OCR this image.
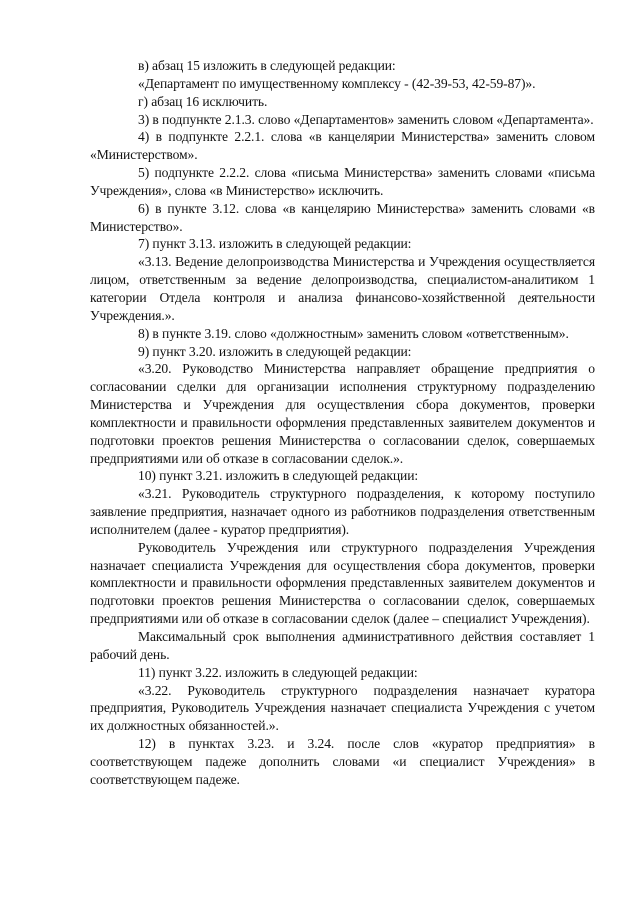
в) абзац 15 изложить в следующей редакции:

«Департамент по имущественному комплексу - (42-39-53, 42-59-87)».

г) абзац 16 исключить.

3) в подпункте 2.1.3. слово «Департаментов» заменить словом «Департамента».

4) в подпункте 2.2.1. слова «в канцелярии Министерства» заменить словом «Министерством».

5) подпункте 2.2.2. слова «письма Министерства» заменить словами «письма Учреждения», слова «в Министерство» исключить.

6) в пункте 3.12. слова «в канцелярию Министерства» заменить словами «в Министерство».

7) пункт 3.13. изложить в следующей редакции:

«3.13. Ведение делопроизводства Министерства и Учреждения осуществляется лицом, ответственным за ведение делопроизводства, специалистом-аналитиком 1 категории Отдела контроля и анализа финансово-хозяйственной деятельности Учреждения.».

8) в пункте 3.19. слово «должностным» заменить словом «ответственным».

9) пункт 3.20. изложить в следующей редакции:

«3.20. Руководство Министерства направляет обращение предприятия о согласовании сделки для организации исполнения структурному подразделению Министерства и Учреждения для осуществления сбора документов, проверки комплектности и правильности оформления представленных заявителем документов и подготовки проектов решения Министерства о согласовании сделок, совершаемых предприятиями или об отказе в согласовании сделок.».

10) пункт 3.21. изложить в следующей редакции:

«3.21. Руководитель структурного подразделения, к которому поступило заявление предприятия, назначает одного из работников подразделения ответственным исполнителем (далее - куратор предприятия).

Руководитель Учреждения или структурного подразделения Учреждения назначает специалиста Учреждения для осуществления сбора документов, проверки комплектности и правильности оформления представленных заявителем документов и подготовки проектов решения Министерства о согласовании сделок, совершаемых предприятиями или об отказе в согласовании сделок (далее – специалист Учреждения).

Максимальный срок выполнения административного действия составляет 1 рабочий день.

11) пункт 3.22. изложить в следующей редакции:

«3.22. Руководитель структурного подразделения назначает куратора предприятия, Руководитель Учреждения назначает специалиста Учреждения с учетом их должностных обязанностей.».

12) в пунктах 3.23. и 3.24. после слов «куратор предприятия» в соответствующем падеже дополнить словами «и специалист Учреждения» в соответствующем падеже.
